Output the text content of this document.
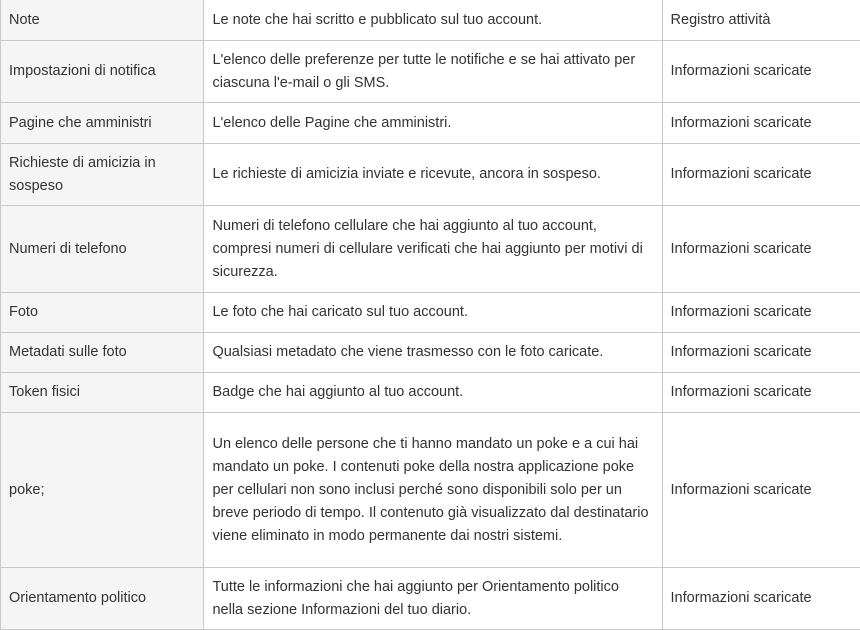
Note	Le note che hai scritto e pubblicato sul tuo account.	Registro attività
Impostazioni di notifica	L'elenco delle preferenze per tutte le notifiche e se hai attivato per ciascuna l'e-mail o gli SMS.	Informazioni scaricate
Pagine che amministri	L'elenco delle Pagine che amministri.	Informazioni scaricate
Richieste di amicizia in sospeso	Le richieste di amicizia inviate e ricevute, ancora in sospeso.	Informazioni scaricate
Numeri di telefono	Numeri di telefono cellulare che hai aggiunto al tuo account, compresi numeri di cellulare verificati che hai aggiunto per motivi di sicurezza.	Informazioni scaricate
Foto	Le foto che hai caricato sul tuo account.	Informazioni scaricate
Metadati sulle foto	Qualsiasi metadato che viene trasmesso con le foto caricate.	Informazioni scaricate
Token fisici	Badge che hai aggiunto al tuo account.	Informazioni scaricate
poke;	Un elenco delle persone che ti hanno mandato un poke e a cui hai mandato un poke. I contenuti poke della nostra applicazione poke per cellulari non sono inclusi perché sono disponibili solo per un breve periodo di tempo. Il contenuto già visualizzato dal destinatario viene eliminato in modo permanente dai nostri sistemi.	Informazioni scaricate
Orientamento politico	Tutte le informazioni che hai aggiunto per Orientamento politico nella sezione Informazioni del tuo diario.	Informazioni scaricate
